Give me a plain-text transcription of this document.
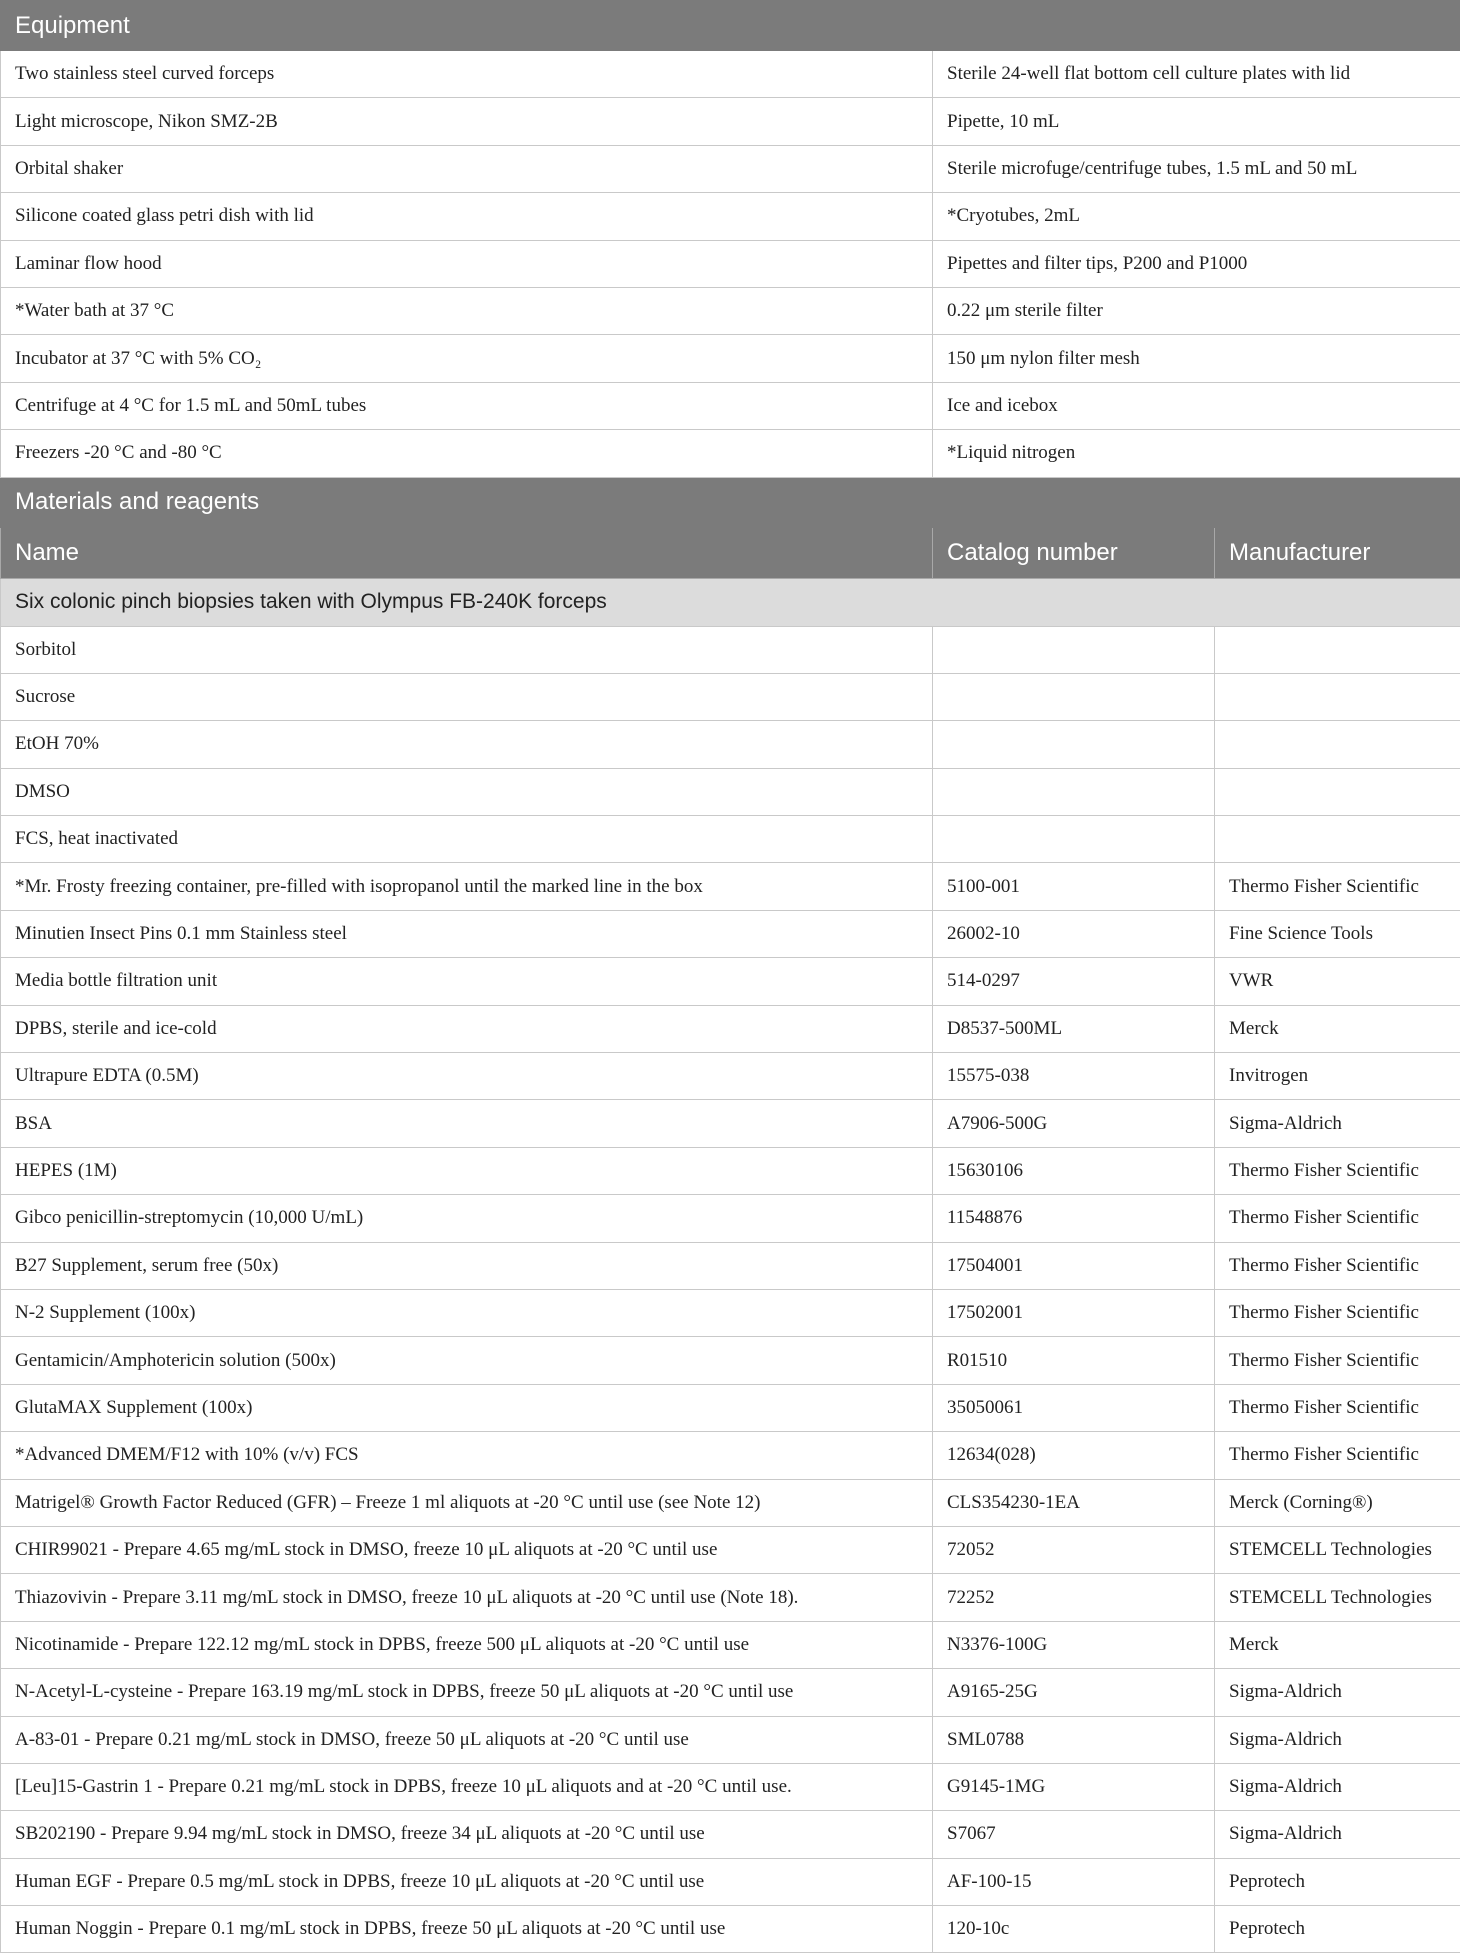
Equipment		
Two stainless steel curved forceps	Sterile 24-well flat bottom cell culture plates with lid	
Light microscope, Nikon SMZ-2B	Pipette, 10 mL	
Orbital shaker	Sterile microfuge/centrifuge tubes, 1.5 mL and 50 mL	
Silicone coated glass petri dish with lid	*Cryotubes, 2mL	
Laminar flow hood	Pipettes and filter tips, P200 and P1000	
*Water bath at 37 °C	0.22 μm sterile filter	
Incubator at 37 °C with 5% CO₂	150 μm nylon filter mesh	
Centrifuge at 4 °C for 1.5 mL and 50mL tubes	Ice and icebox	
Freezers -20 °C and -80 °C	*Liquid nitrogen	
Materials and reagents		
Name	Catalog number	Manufacturer
Six colonic pinch biopsies taken with Olympus FB-240K forceps		
Sorbitol		
Sucrose		
EtOH 70%		
DMSO		
FCS, heat inactivated		
*Mr. Frosty freezing container, pre-filled with isopropanol until the marked line in the box	5100-001	Thermo Fisher Scientific
Minutien Insect Pins 0.1 mm Stainless steel	26002-10	Fine Science Tools
Media bottle filtration unit	514-0297	VWR
DPBS, sterile and ice-cold	D8537-500ML	Merck
Ultrapure EDTA (0.5M)	15575-038	Invitrogen
BSA	A7906-500G	Sigma-Aldrich
HEPES (1M)	15630106	Thermo Fisher Scientific
Gibco penicillin-streptomycin (10,000 U/mL)	11548876	Thermo Fisher Scientific
B27 Supplement, serum free (50x)	17504001	Thermo Fisher Scientific
N-2 Supplement (100x)	17502001	Thermo Fisher Scientific
Gentamicin/Amphotericin solution (500x)	R01510	Thermo Fisher Scientific
GlutaMAX Supplement (100x)	35050061	Thermo Fisher Scientific
*Advanced DMEM/F12 with 10% (v/v) FCS	12634(028)	Thermo Fisher Scientific
Matrigel® Growth Factor Reduced (GFR) – Freeze 1 ml aliquots at -20 °C until use (see Note 12)	CLS354230-1EA	Merck (Corning®)
CHIR99021 - Prepare 4.65 mg/mL stock in DMSO, freeze 10 μL aliquots at -20 °C until use	72052	STEMCELL Technologies
Thiazovivin - Prepare 3.11 mg/mL stock in DMSO, freeze 10 μL aliquots at -20 °C until use (Note 18).	72252	STEMCELL Technologies
Nicotinamide - Prepare 122.12 mg/mL stock in DPBS, freeze 500 μL aliquots at -20 °C until use	N3376-100G	Merck
N-Acetyl-L-cysteine - Prepare 163.19 mg/mL stock in DPBS, freeze 50 μL aliquots at -20 °C until use	A9165-25G	Sigma-Aldrich
A-83-01 - Prepare 0.21 mg/mL stock in DMSO, freeze 50 μL aliquots at -20 °C until use	SML0788	Sigma-Aldrich
[Leu]15-Gastrin 1 - Prepare 0.21 mg/mL stock in DPBS, freeze 10 μL aliquots and at -20 °C until use.	G9145-1MG	Sigma-Aldrich
SB202190 - Prepare 9.94 mg/mL stock in DMSO, freeze 34 μL aliquots at -20 °C until use	S7067	Sigma-Aldrich
Human EGF - Prepare 0.5 mg/mL stock in DPBS, freeze 10 μL aliquots at -20 °C until use	AF-100-15	Peprotech
Human Noggin - Prepare 0.1 mg/mL stock in DPBS, freeze 50 μL aliquots at -20 °C until use	120-10c	Peprotech
